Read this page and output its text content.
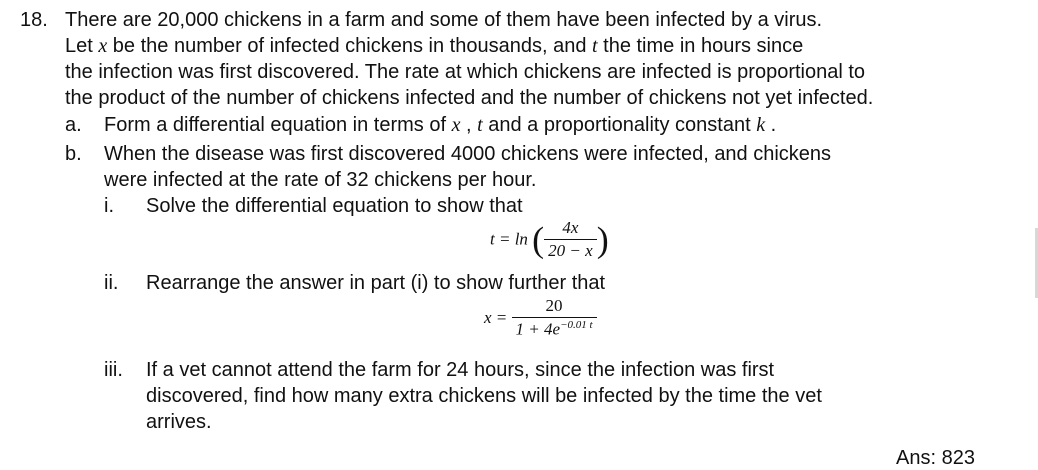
18. There are 20,000 chickens in a farm and some of them have been infected by a virus.
Let x be the number of infected chickens in thousands, and t the time in hours since
the infection was first discovered. The rate at which chickens are infected is proportional to
the product of the number of chickens infected and the number of chickens not yet infected.
a. Form a differential equation in terms of x , t and a proportionality constant k .
b. When the disease was first discovered 4000 chickens were infected, and chickens
were infected at the rate of 32 chickens per hour.
i. Solve the differential equation to show that
t = ln ( $\frac{4x}{20 - x}$ )
ii. Rearrange the answer in part (i) to show further that
$x = \frac{20}{1 + 4e^{-0.01 t}}$
iii. If a vet cannot attend the farm for 24 hours, since the infection was first
discovered, find how many extra chickens will be infected by the time the vet
arrives.
Ans: 823
